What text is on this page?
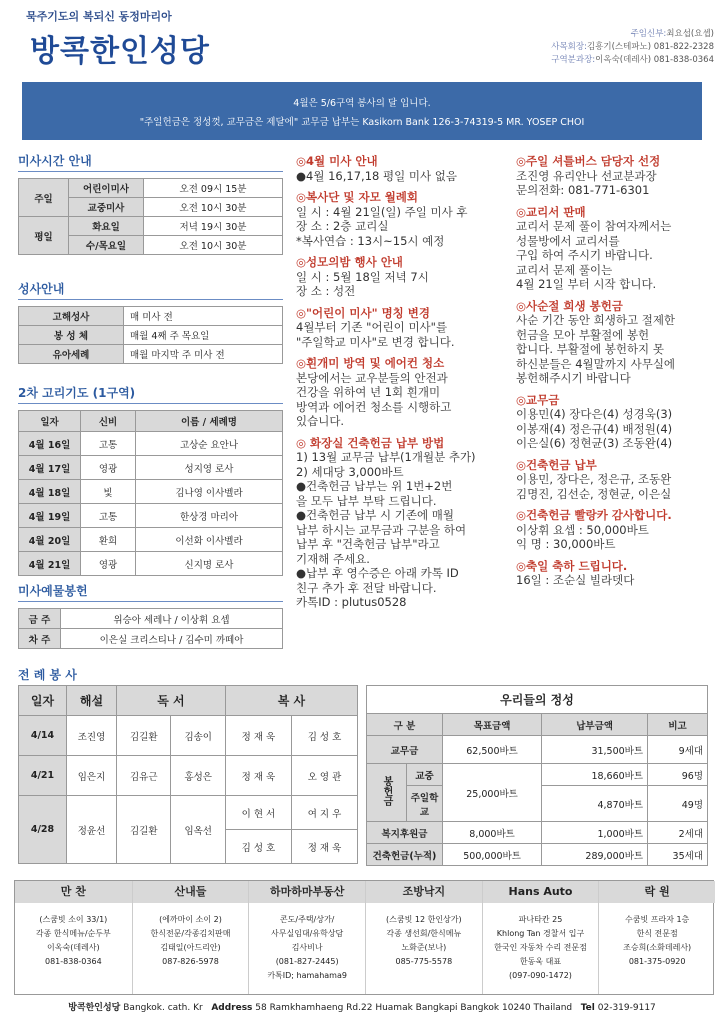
묵주기도의 복되신 동정마리아
방콕한인성당	주임신부:최요섭(요셉)
사목회장:김흥기(스테파노) 081-822-2328
구역분과장:이옥숙(데레사) 081-838-0364
4월은 5/6구역 봉사의 달 입니다.
"주일헌금은 정성껏, 교무금은 제달에" 교무금 납부는 Kasikorn Bank 126-3-74319-5 MR. YOSEP CHOI
미사시간 안내
주일	어린이미사	오전 09시 15분
	교중미사	오전 10시 30분
평일	화요일	저녁 19시 30분
	수/목요일	오전 10시 30분
성사안내
고해성사	매 미사 전
봉 성 체	매월 4째 주 목요일
유아세례	매월 마지막 주 미사 전
2차 고리기도 (1구역)
일자	신비	이름 / 세례명
4월 16일	고통	고상순 요안나
4월 17일	영광	성지영 로사
4월 18일	빛	김나영 이사벨라
4월 19일	고통	한상경 마리아
4월 20일	환희	이선화 이사벨라
4월 21일	영광	신지명 로사
미사예물봉헌
금 주	위승아 세레나 / 이상휘 요셉
차 주	이은실 크리스티나 / 김수미 까떼아
◎4월 미사 안내
●4월 16,17,18 평일 미사 없음
◎복사단 및 자모 월례회
일 시 : 4월 21일(일) 주일 미사 후
장 소 : 2층 교리실
*복사연습 : 13시~15시 예정
◎성모의밤 행사 안내
일 시 : 5월 18일 저녁 7시
장 소 : 성전
◎"어린이 미사" 명칭 변경
4월부터 기존 "어린이 미사"를
"주일학교 미사"로 변경 합니다.
◎흰개미 방역 및 에어컨 청소
본당에서는 교우분들의 안전과
건강을 위하여 년 1회 흰개미
방역과 에어컨 청소를 시행하고
있습니다.
◎ 화장실 건축헌금 납부 방법
1) 13월 교무금 납부(1개월분 추가)
2) 세대당 3,000바트
●건축헌금 납부는 위 1번+2번
을 모두 납부 부탁 드립니다.
●건축헌금 납부 시 기존에 매월
납부 하시는 교무금과 구분을 하여
납부 후 "건축헌금 납부"라고
기재해 주세요.
●납부 후 영수증은 아래 카톡 ID
친구 추가 후 전달 바랍니다.
카톡ID : plutus0528
◎주일 셔틀버스 담당자 선정
조진영 유리안나 선교분과장
문의전화: 081-771-6301
◎교리서 판매
교리서 문제 풀이 참여자께서는
성물방에서 교리서를
구입 하여 주시기 바랍니다.
교리서 문제 풀이는
4월 21일 부터 시작 합니다.
◎사순절 희생 봉헌금
사순 기간 동안 희생하고 절제한
헌금을 모아 부활절에 봉헌
합니다. 부활절에 봉헌하지 못
하신분들은 4월말까지 사무실에
봉헌해주시기 바랍니다
◎교무금
이용민(4) 장다은(4) 성경욱(3)
이봉재(4) 정은규(4) 배정원(4)
이은실(6) 정현균(3) 조동완(4)
◎건축헌금 납부
이용민, 장다은, 정은규, 조동완
김명진, 김선순, 정현균, 이은실
◎건축헌금 빨랑카 감사합니다.
이상휘 요셉 : 50,000바트
익 명 : 30,000바트
◎축일 축하 드립니다.
16일 : 조순실 빌라뎃다
전 례 봉 사
일자	해설	독 서		복 사	
4/14	조진영	김길환	김송이	정 재 욱	김 성 호
4/21	임은지	김유근	홍성은	정 재 욱	오 영 관
4/28	정윤선	김길환	임옥선	이 현 서	여 지 우
				김 성 호	정 재 욱
우리들의 정성				
구 분		목표금액	납부금액	비고
교무금		62,500바트	31,500바트	9세대
봉헌금	교중	25,000바트	18,660바트	96명
	주일학교		4,870바트	49명
복지후원금		8,000바트	1,000바트	2세대
건축헌금(누적)		500,000바트	289,000바트	35세대
만 찬
(스쿰빗 소이 33/1)
각종 한식메뉴/순두부
이옥숙(데레사)
081-838-0364
산내들
(에까마이 소이 2)
한식전문/각종김치판매
김태일(아드리안)
087-826-5978
하마하마부동산
콘도/주택/상가/
사무실임대/유학상담
김사비나
(081-827-2445)
카톡ID; hamahama9
조방낙지
(스쿰빗 12 한인상가)
각종 생선회/한식메뉴
노화준(보나)
085-775-5578
Hans Auto
파나타칸 25
Khlong Tan 경찰서 입구
한국인 자동차 수리 전문점
한동욱 대표
(097-090-1472)
락 원
수쿰빗 프라자 1층
한식 전문점
조승희(소화데레사)
081-375-0920
방콕한인성당 Bangkok. cath. Kr Address 58 Ramkhamhaeng Rd.22 Huamak Bangkapi Bangkok 10240 Thailand Tel 02-319-9117
